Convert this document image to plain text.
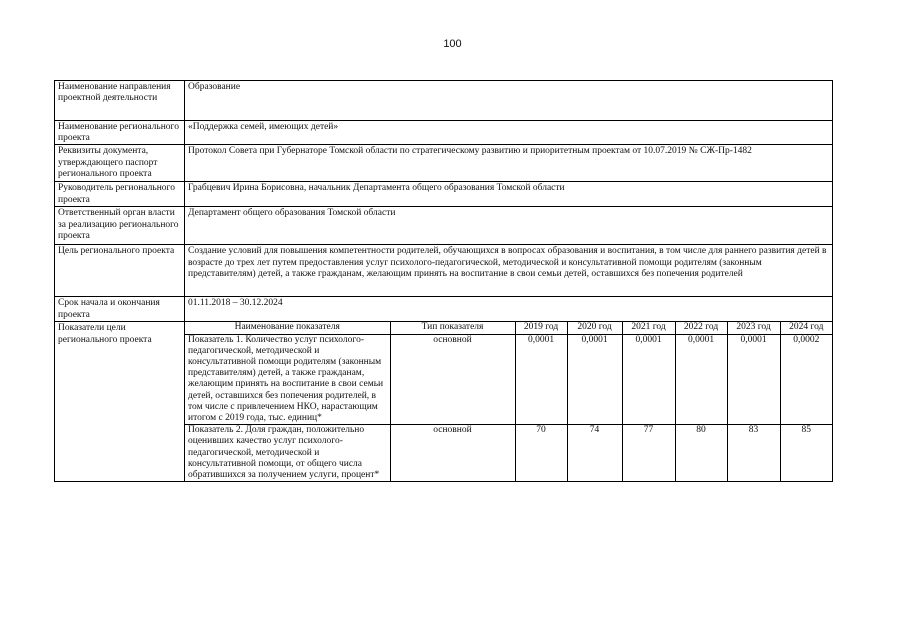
100
Наименование направления проектной деятельности	Образование
Наименование регионального проекта	«Поддержка семей, имеющих детей»
Реквизиты документа, утверждающего паспорт регионального проекта	Протокол Совета при Губернаторе Томской области по стратегическому развитию и приоритетным проектам от 10.07.2019 № СЖ-Пр-1482
Руководитель регионального проекта	Грабцевич Ирина Борисовна, начальник Департамента общего образования Томской области
Ответственный орган власти за реализацию регионального проекта	Департамент общего образования Томской области
Цель регионального проекта	Создание условий для повышения компетентности родителей, обучающихся в вопросах образования и воспитания, в том числе для раннего развития детей в возрасте до трех лет путем предоставления услуг психолого-педагогической, методической и консультативной помощи родителям (законным представителям) детей, а также гражданам, желающим принять на воспитание в свои семьи детей, оставшихся без попечения родителей
Срок начала и окончания проекта	01.11.2018 – 30.12.2024
Показатели цели регионального проекта	
Наименование показателя	Тип показателя	2019 год	2020 год	2021 год	2022 год	2023 год	2024 год
Показатель 1. Количество услуг психолого-педагогической, методической и консультативной помощи родителям (законным представителям) детей, а также гражданам, желающим принять на воспитание в свои семьи детей, оставшихся без попечения родителей, в том числе с привлечением НКО, нарастающим итогом с 2019 года, тыс. единиц*	основной	0,0001	0,0001	0,0001	0,0001	0,0001	0,0002
Показатель 2. Доля граждан, положительно оценивших качество услуг психолого-педагогической, методической и консультативной помощи, от общего числа обратившихся за получением услуги, процент*	основной	70	74	77	80	83	85
